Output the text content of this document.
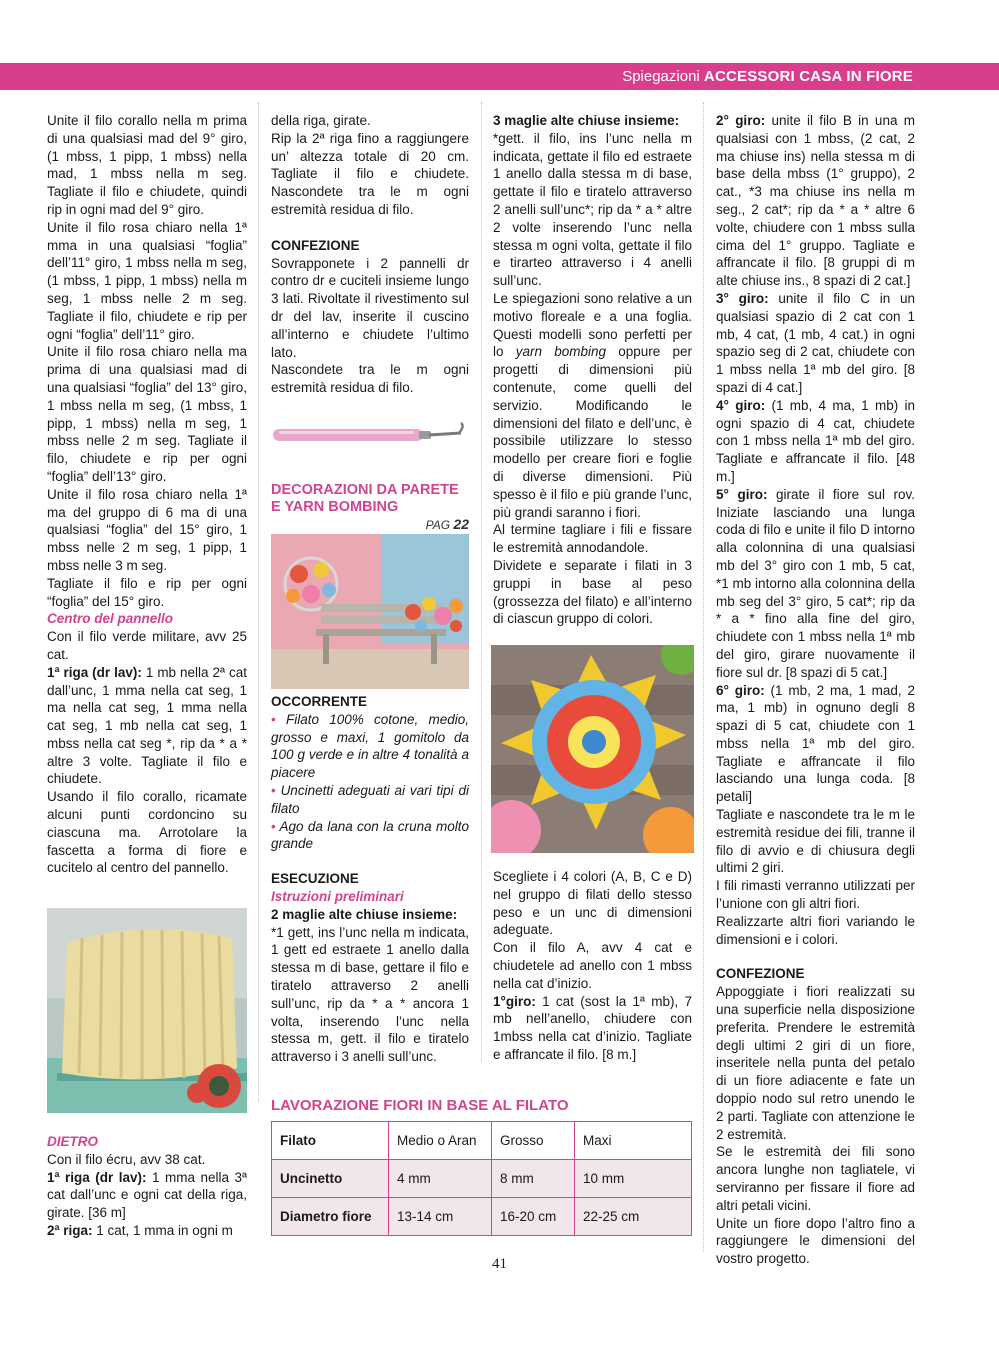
Spiegazioni ACCESSORI CASA IN FIORE

Unite il filo corallo nella m prima di una qualsiasi mad del 9° giro, (1 mbss, 1 pipp, 1 mbss) nella mad, 1 mbss nella m seg. Tagliate il filo e chiudete, quindi rip in ogni mad del 9° giro.

Unite il filo rosa chiaro nella 1ª mma in una qualsiasi “foglia” dell’11° giro, 1 mbss nella m seg, (1 mbss, 1 pipp, 1 mbss) nella m seg, 1 mbss nelle 2 m seg. Tagliate il filo, chiudete e rip per ogni “foglia” dell’11° giro.

Unite il filo rosa chiaro nella ma prima di una qualsiasi mad di una qualsiasi “foglia” del 13° giro, 1 mbss nella m seg, (1 mbss, 1 pipp, 1 mbss) nella m seg, 1 mbss nelle 2 m seg. Tagliate il filo, chiudete e rip per ogni “foglia” dell’13° giro.

Unite il filo rosa chiaro nella 1ª ma del gruppo di 6 ma di una qualsiasi “foglia” del 15° giro, 1 mbss nelle 2 m seg, 1 pipp, 1 mbss nelle 3 m seg.

Tagliate il filo e rip per ogni “foglia” del 15° giro.

Centro del pannello

Con il filo verde militare, avv 25 cat.

1ª riga (dr lav): 1 mb nella 2ª cat dall’unc, 1 mma nella cat seg, 1 ma nella cat seg, 1 mma nella cat seg, 1 mb nella cat seg, 1 mbss nella cat seg *, rip da * a * altre 3 volte. Tagliate il filo e chiudete.

Usando il filo corallo, ricamate alcuni punti cordoncino su ciascuna ma. Arrotolare la fascetta a forma di fiore e cucitelo al centro del pannello.

DIETRO

Con il filo écru, avv 38 cat.

1ª riga (dr lav): 1 mma nella 3ª cat dall’unc e ogni cat della riga, girate. [36 m]

2ª riga: 1 cat, 1 mma in ogni m

della riga, girate.

Rip la 2ª riga fino a raggiungere un’ altezza totale di 20 cm. Tagliate il filo e chiudete. Nascondete tra le m ogni estremità residua di filo.

CONFEZIONE

Sovrapponete i 2 pannelli dr contro dr e cuciteli insieme lungo 3 lati. Rivoltate il rivestimento sul dr del lav, inserite il cuscino all’interno e chiudete l’ultimo lato.

Nascondete tra le m ogni estremità residua di filo.

DECORAZIONI DA PARETE E YARN BOMBING

PAG 22

OCCORRENTE

• Filato 100% cotone, medio, grosso e maxi, 1 gomitolo da 100 g verde e in altre 4 tonalità a piacere

• Uncinetti adeguati ai vari tipi di filato

• Ago da lana con la cruna molto grande

ESECUZIONE

Istruzioni preliminari

2 maglie alte chiuse insieme:

*1 gett, ins l’unc nella m indicata, 1 gett ed estraete 1 anello dalla stessa m di base, gettare il filo e tiratelo attraverso 2 anelli sull’unc, rip da * a * ancora 1 volta, inserendo l’unc nella stessa m, gett. il filo e tiratelo attraverso i 3 anelli sull’unc.

3 maglie alte chiuse insieme:

*gett. il filo, ins l’unc nella m indicata, gettate il filo ed estraete 1 anello dalla stessa m di base, gettate il filo e tiratelo attraverso 2 anelli sull’unc*; rip da * a * altre 2 volte inserendo l’unc nella stessa m ogni volta, gettate il filo e tirarteo attraverso i 4 anelli sull’unc.

Le spiegazioni sono relative a un motivo floreale e a una foglia. Questi modelli sono perfetti per lo yarn bombing oppure per progetti di dimensioni più contenute, come quelli del servizio. Modificando le dimensioni del filato e dell’unc, è possibile utilizzare lo stesso modello per creare fiori e foglie di diverse dimensioni. Più spesso è il filo e più grande l’unc, più grandi saranno i fiori.

Al termine tagliare i fili e fissare le estremità annodandole.

Dividete e separate i filati in 3 gruppi in base al peso (grossezza del filato) e all’interno di ciascun gruppo di colori.

Scegliete i 4 colori (A, B, C e D) nel gruppo di filati dello stesso peso e un unc di dimensioni adeguate.

Con il filo A, avv 4 cat e chiudetele ad anello con 1 mbss nella cat d’inizio.

1°giro: 1 cat (sost la 1ª mb), 7 mb nell’anello, chiudere con 1mbss nella cat d’inizio. Tagliate e affrancate il filo. [8 m.]

2° giro: unite il filo B in una m qualsiasi con 1 mbss, (2 cat, 2 ma chiuse ins) nella stessa m di base della mbss (1° gruppo), 2 cat., *3 ma chiuse ins nella m seg., 2 cat*; rip da * a * altre 6 volte, chiudere con 1 mbss sulla cima del 1° gruppo. Tagliate e affrancate il filo. [8 gruppi di m alte chiuse ins., 8 spazi di 2 cat.]

3° giro: unite il filo C in un qualsiasi spazio di 2 cat con 1 mb, 4 cat, (1 mb, 4 cat.) in ogni spazio seg di 2 cat, chiudete con 1 mbss nella 1ª mb del giro. [8 spazi di 4 cat.]

4° giro: (1 mb, 4 ma, 1 mb) in ogni spazio di 4 cat, chiudete con 1 mbss nella 1ª mb del giro. Tagliate e affrancate il filo. [48 m.]

5° giro: girate il fiore sul rov. Iniziate lasciando una lunga coda di filo e unite il filo D intorno alla colonnina di una qualsiasi mb del 3° giro con 1 mb, 5 cat, *1 mb intorno alla colonnina della mb seg del 3° giro, 5 cat*; rip da * a * fino alla fine del giro, chiudete con 1 mbss nella 1ª mb del giro, girare nuovamente il fiore sul dr. [8 spazi di 5 cat.]

6° giro: (1 mb, 2 ma, 1 mad, 2 ma, 1 mb) in ognuno degli 8 spazi di 5 cat, chiudete con 1 mbss nella 1ª mb del giro. Tagliate e affrancate il filo lasciando una lunga coda. [8 petali]

Tagliate e nascondete tra le m le estremità residue dei fili, tranne il filo di avvio e di chiusura degli ultimi 2 giri.

I fili rimasti verranno utilizzati per l’unione con gli altri fiori.

Realizzarte altri fiori variando le dimensioni e i colori.

CONFEZIONE

Appoggiate i fiori realizzati su una superficie nella disposizione preferita. Prendere le estremità degli ultimi 2 giri di un fiore, inseritele nella punta del petalo di un fiore adiacente e fate un doppio nodo sul retro unendo le 2 parti. Tagliate con attenzione le 2 estremità.

Se le estremità dei fili sono ancora lunghe non tagliatele, vi serviranno per fissare il fiore ad altri petali vicini.

Unite un fiore dopo l’altro fino a raggiungere le dimensioni del vostro progetto.

LAVORAZIONE FIORI IN BASE AL FILATO
Filato	Medio o Aran	Grosso	Maxi
Uncinetto	4 mm	8 mm	10 mm
Diametro fiore	13-14 cm	16-20 cm	22-25 cm
41
